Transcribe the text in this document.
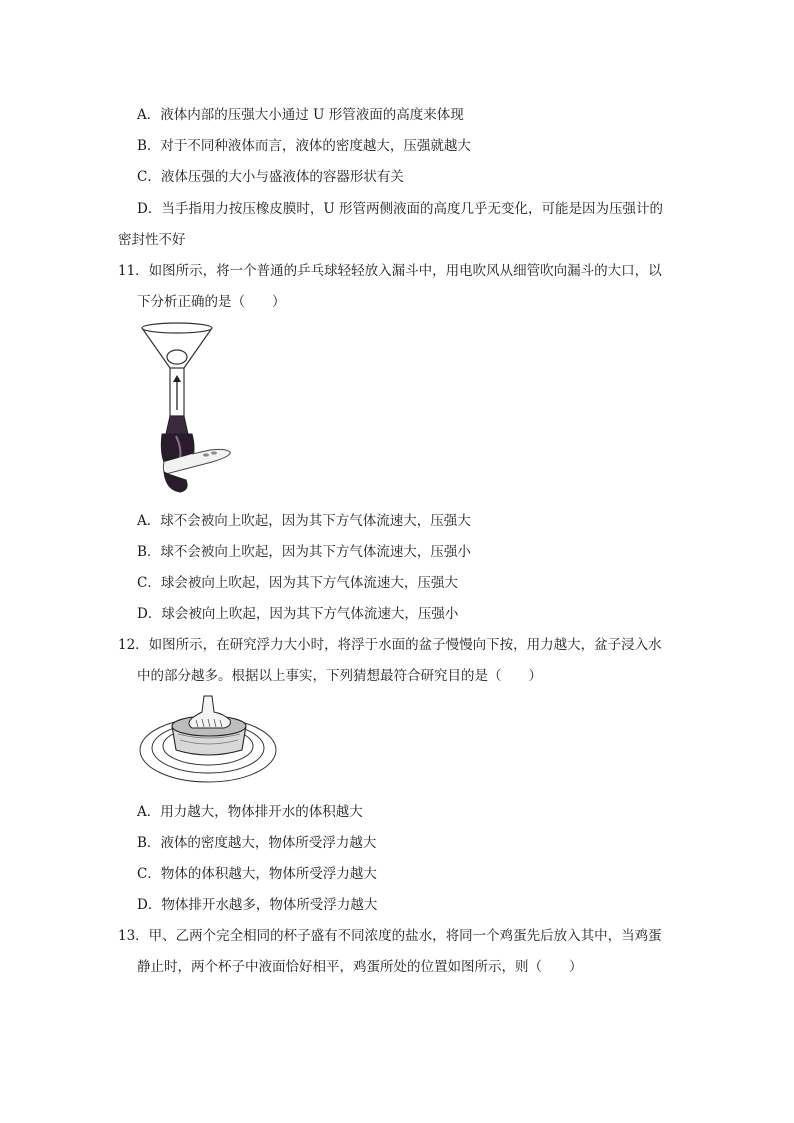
A．液体内部的压强大小通过 U 形管液面的高度来体现
B．对于不同种液体而言，液体的密度越大，压强就越大
C．液体压强的大小与盛液体的容器形状有关
D．当手指用力按压橡皮膜时，U 形管两侧液面的高度几乎无变化，可能是因为压强计的
密封性不好
11．如图所示，将一个普通的乒乓球轻轻放入漏斗中，用电吹风从细管吹向漏斗的大口，以
下分析正确的是（　　）
A．球不会被向上吹起，因为其下方气体流速大，压强大
B．球不会被向上吹起，因为其下方气体流速大，压强小
C．球会被向上吹起，因为其下方气体流速大，压强大
D．球会被向上吹起，因为其下方气体流速大，压强小
12．如图所示，在研究浮力大小时，将浮于水面的盆子慢慢向下按，用力越大，盆子浸入水
中的部分越多。根据以上事实，下列猜想最符合研究目的是（　　）
A．用力越大，物体排开水的体积越大
B．液体的密度越大，物体所受浮力越大
C．物体的体积越大，物体所受浮力越大
D．物体排开水越多，物体所受浮力越大
13．甲、乙两个完全相同的杯子盛有不同浓度的盐水，将同一个鸡蛋先后放入其中，当鸡蛋
静止时，两个杯子中液面恰好相平，鸡蛋所处的位置如图所示，则（　　）
